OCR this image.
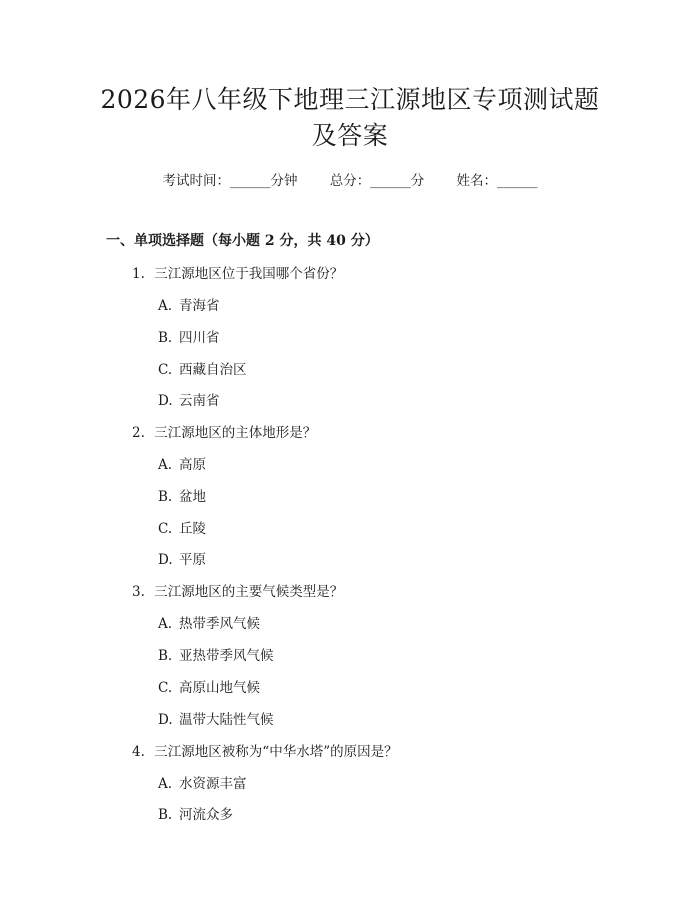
2026年八年级下地理三江源地区专项测试题
及答案
考试时间：______分钟 总分：______分 姓名：______
一、单项选择题（每小题 2 分，共 40 分）
1. 三江源地区位于我国哪个省份？
A. 青海省
B. 四川省
C. 西藏自治区
D. 云南省
2. 三江源地区的主体地形是？
A. 高原
B. 盆地
C. 丘陵
D. 平原
3. 三江源地区的主要气候类型是？
A. 热带季风气候
B. 亚热带季风气候
C. 高原山地气候
D. 温带大陆性气候
4. 三江源地区被称为“中华水塔”的原因是？
A. 水资源丰富
B. 河流众多
